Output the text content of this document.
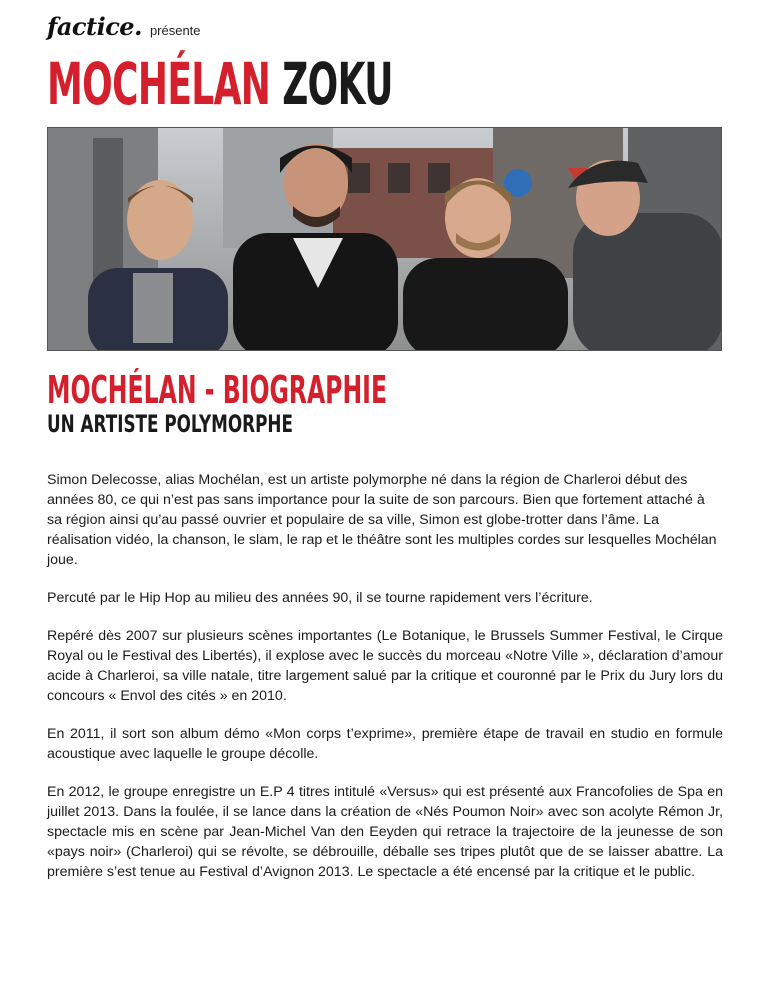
factice. présente
MOCHÉLAN ZOKU
MOCHÉLAN - BIOGRAPHIE
UN ARTISTE POLYMORPHE

Simon Delecosse, alias Mochélan, est un artiste polymorphe né dans la région de Charleroi début des années 80, ce qui n’est pas sans importance pour la suite de son parcours. Bien que fortement attaché à sa région ainsi qu’au passé ouvrier et populaire de sa ville, Simon est globe-trotter dans l’âme. La réalisation vidéo, la chanson, le slam, le rap et le théâtre sont les multiples cordes sur lesquelles Mochélan joue.

Percuté par le Hip Hop au milieu des années 90, il se tourne rapidement vers l’écriture.

Repéré dès 2007 sur plusieurs scènes importantes (Le Botanique, le Brussels Summer Festival, le Cirque Royal ou le Festival des Libertés), il explose avec le succès du morceau «Notre Ville », déclaration d’amour acide à Charleroi, sa ville natale, titre largement salué par la critique et couronné par le Prix du Jury lors du concours « Envol des cités » en 2010.

En 2011, il sort son album démo «Mon corps t’exprime», première étape de travail en studio en formule acoustique avec laquelle le groupe décolle.

En 2012, le groupe enregistre un E.P 4 titres intitulé «Versus» qui est présenté aux Francofolies de Spa en juillet 2013. Dans la foulée, il se lance dans la création de «Nés Poumon Noir» avec son acolyte Rémon Jr, spectacle mis en scène par Jean-Michel Van den Eeyden qui retrace la trajectoire de la jeunesse de son «pays noir» (Charleroi) qui se révolte, se débrouille, déballe ses tripes plutôt que de se laisser abattre. La première s’est tenue au Festival d’Avignon 2013. Le spectacle a été encensé par la critique et le public.
